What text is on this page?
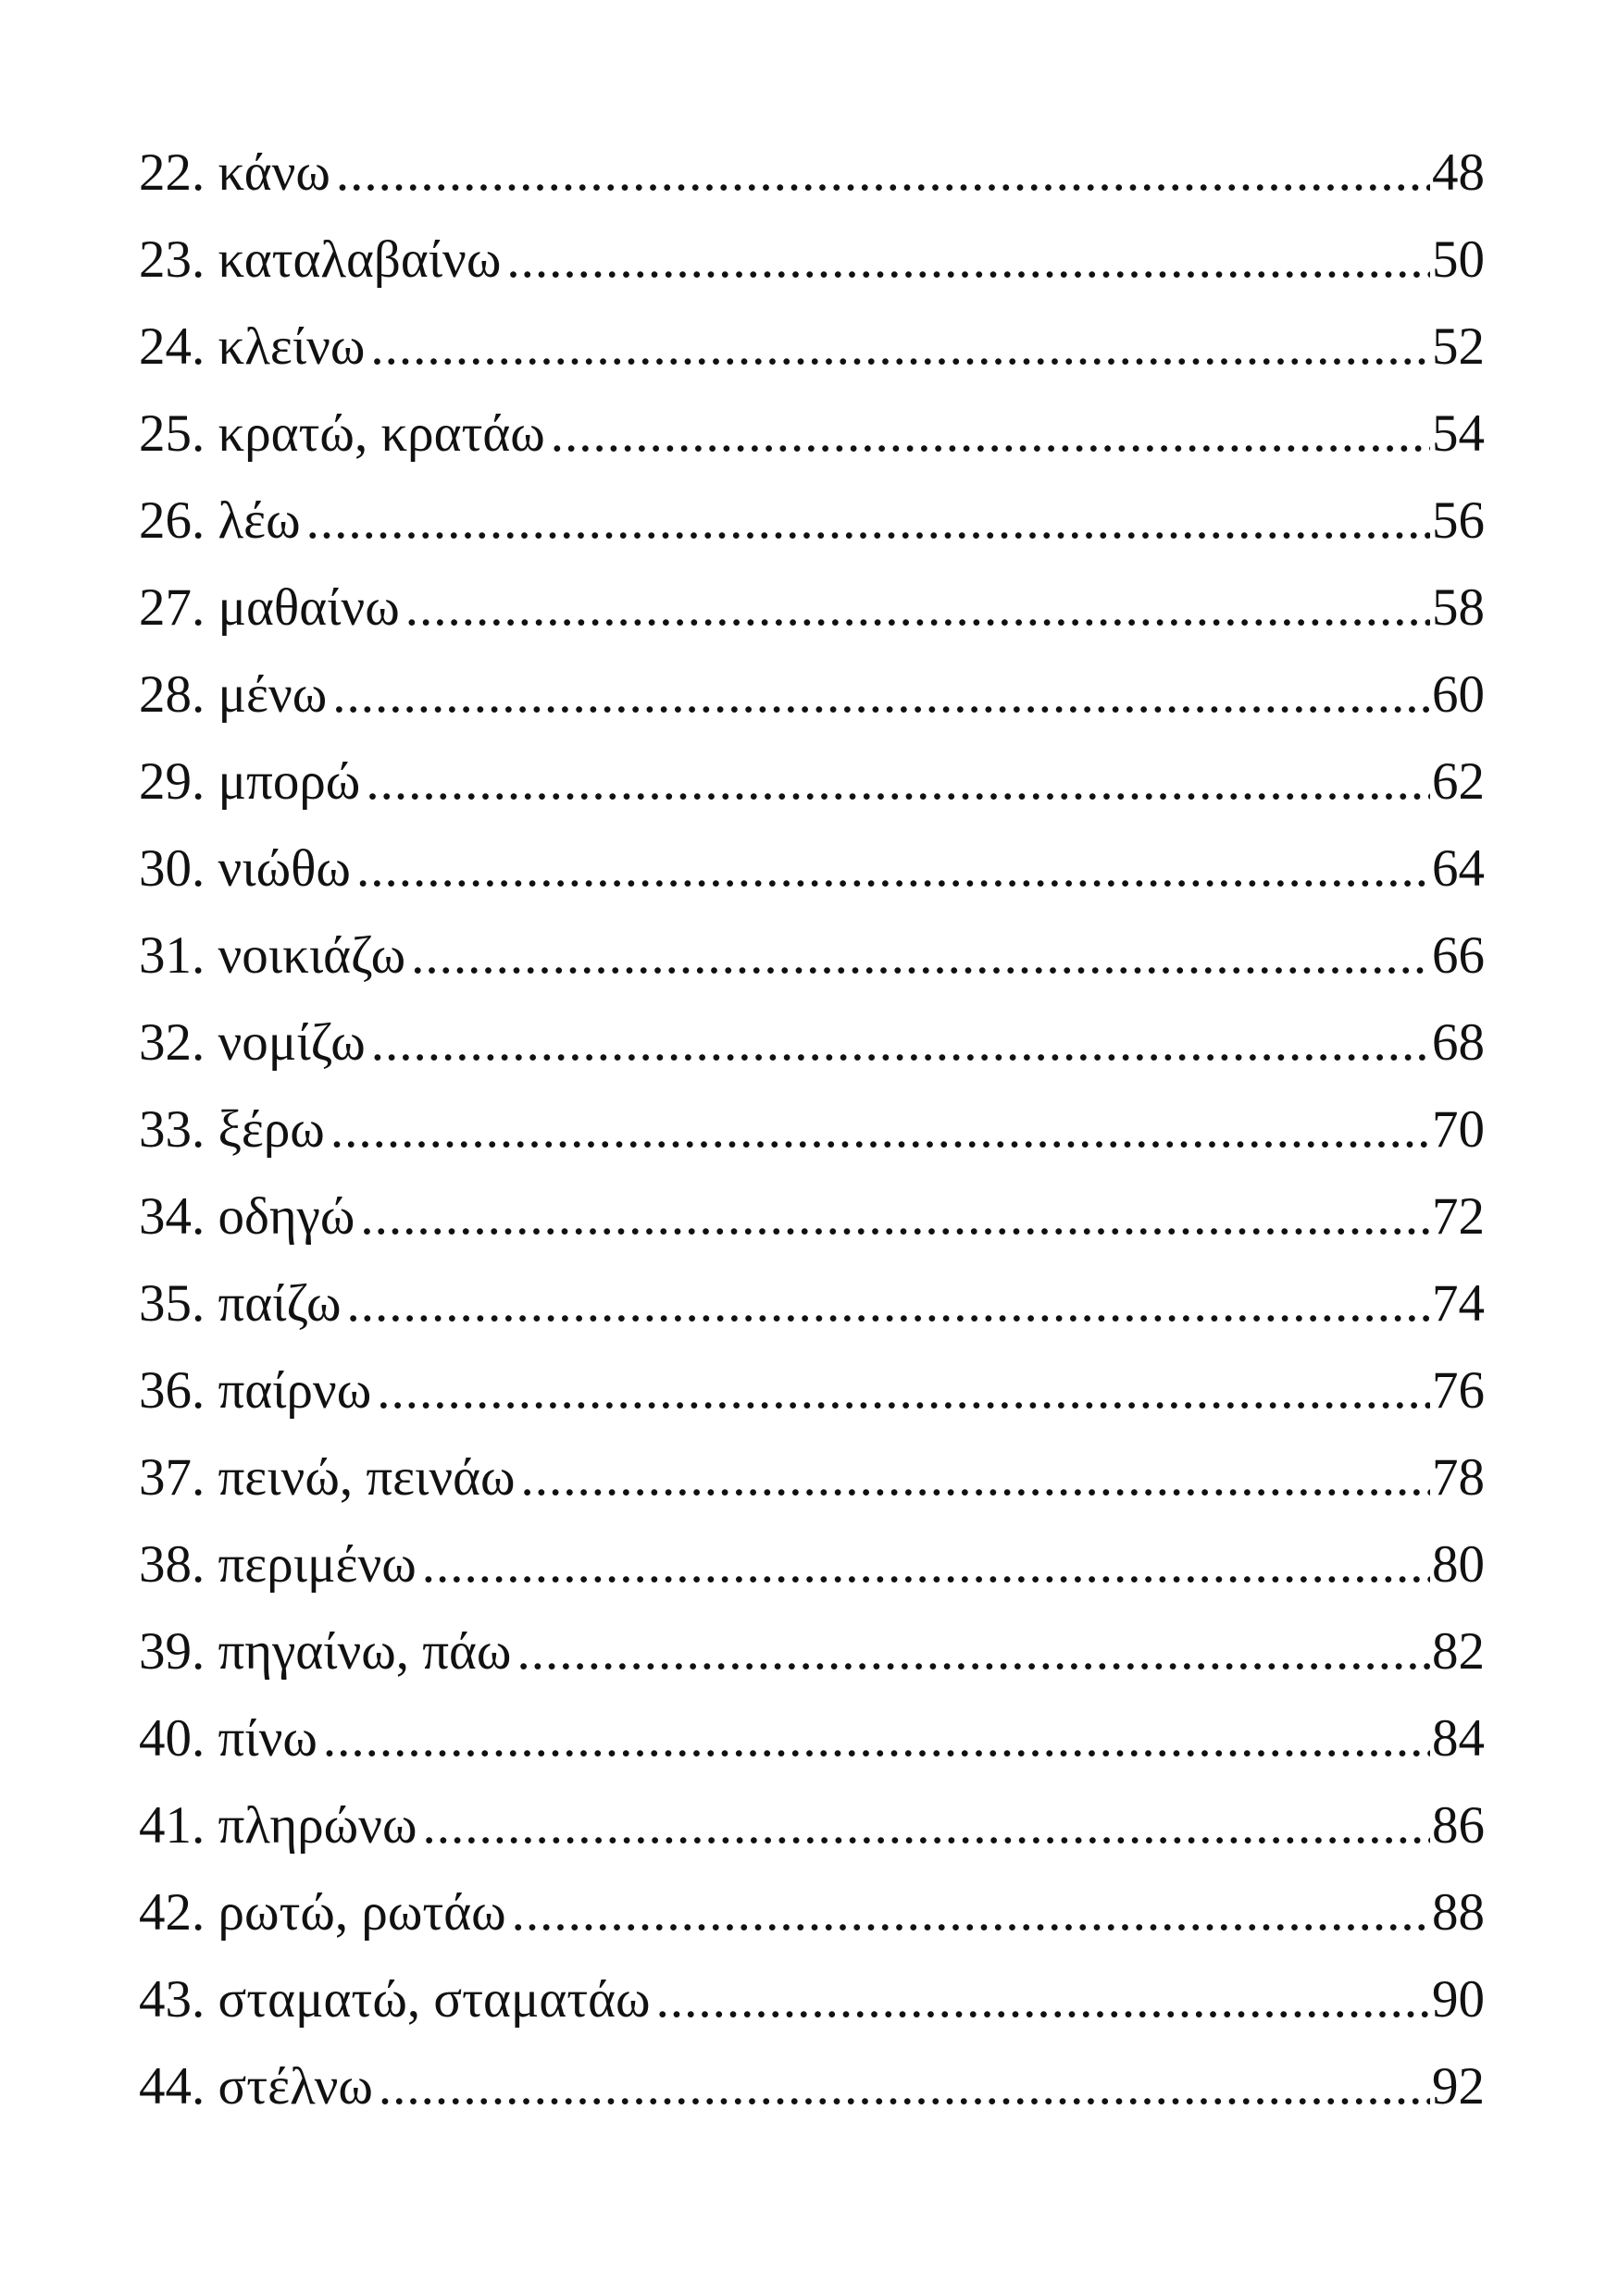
22. κάνω .....	48
23. καταλαβαίνω .....	50
24. κλείνω .....	52
25. κρατώ, κρατάω .....	54
26. λέω .....	56
27. μαθαίνω .....	58
28. μένω .....	60
29. μπορώ .....	62
30. νιώθω .....	64
31. νοικιάζω .....	66
32. νομίζω .....	68
33. ξέρω .....	70
34. οδηγώ .....	72
35. παίζω .....	74
36. παίρνω .....	76
37. πεινώ, πεινάω .....	78
38. περιμένω .....	80
39. πηγαίνω, πάω .....	82
40. πίνω .....	84
41. πληρώνω .....	86
42. ρωτώ, ρωτάω .....	88
43. σταματώ, σταματάω .....	90
44. στέλνω .....	92
